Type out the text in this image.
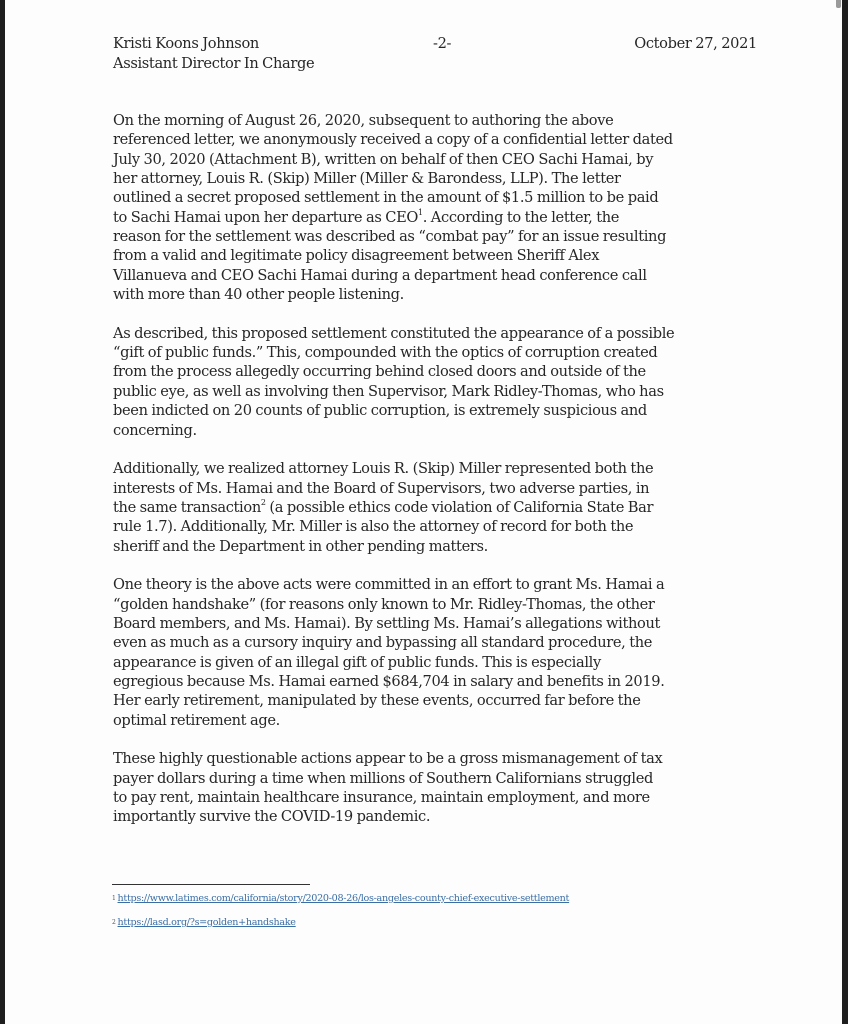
Kristi Koons Johnson	-2-	October 27, 2021
Assistant Director In Charge

On the morning of August 26, 2020, subsequent to authoring the above
referenced letter, we anonymously received a copy of a confidential letter dated
July 30, 2020 (Attachment B), written on behalf of then CEO Sachi Hamai, by
her attorney, Louis R. (Skip) Miller (Miller & Barondess, LLP). The letter
outlined a secret proposed settlement in the amount of $1.5 million to be paid
to Sachi Hamai upon her departure as CEO$^1$. According to the letter, the
reason for the settlement was described as “combat pay” for an issue resulting
from a valid and legitimate policy disagreement between Sheriff Alex
Villanueva and CEO Sachi Hamai during a department head conference call
with more than 40 other people listening.

As described, this proposed settlement constituted the appearance of a possible
“gift of public funds.” This, compounded with the optics of corruption created
from the process allegedly occurring behind closed doors and outside of the
public eye, as well as involving then Supervisor, Mark Ridley-Thomas, who has
been indicted on 20 counts of public corruption, is extremely suspicious and
concerning.

Additionally, we realized attorney Louis R. (Skip) Miller represented both the
interests of Ms. Hamai and the Board of Supervisors, two adverse parties, in
the same transaction$^2$ (a possible ethics code violation of California State Bar
rule 1.7). Additionally, Mr. Miller is also the attorney of record for both the
sheriff and the Department in other pending matters.

One theory is the above acts were committed in an effort to grant Ms. Hamai a
“golden handshake” (for reasons only known to Mr. Ridley-Thomas, the other
Board members, and Ms. Hamai). By settling Ms. Hamai’s allegations without
even as much as a cursory inquiry and bypassing all standard procedure, the
appearance is given of an illegal gift of public funds. This is especially
egregious because Ms. Hamai earned $684,704 in salary and benefits in 2019.
Her early retirement, manipulated by these events, occurred far before the
optimal retirement age.

These highly questionable actions appear to be a gross mismanagement of tax
payer dollars during a time when millions of Southern Californians struggled
to pay rent, maintain healthcare insurance, maintain employment, and more
importantly survive the COVID-19 pandemic.

$^1$ https://www.latimes.com/california/story/2020-08-26/los-angeles-county-chief-executive-settlement
$^2$ https://lasd.org/?s=golden+handshake
